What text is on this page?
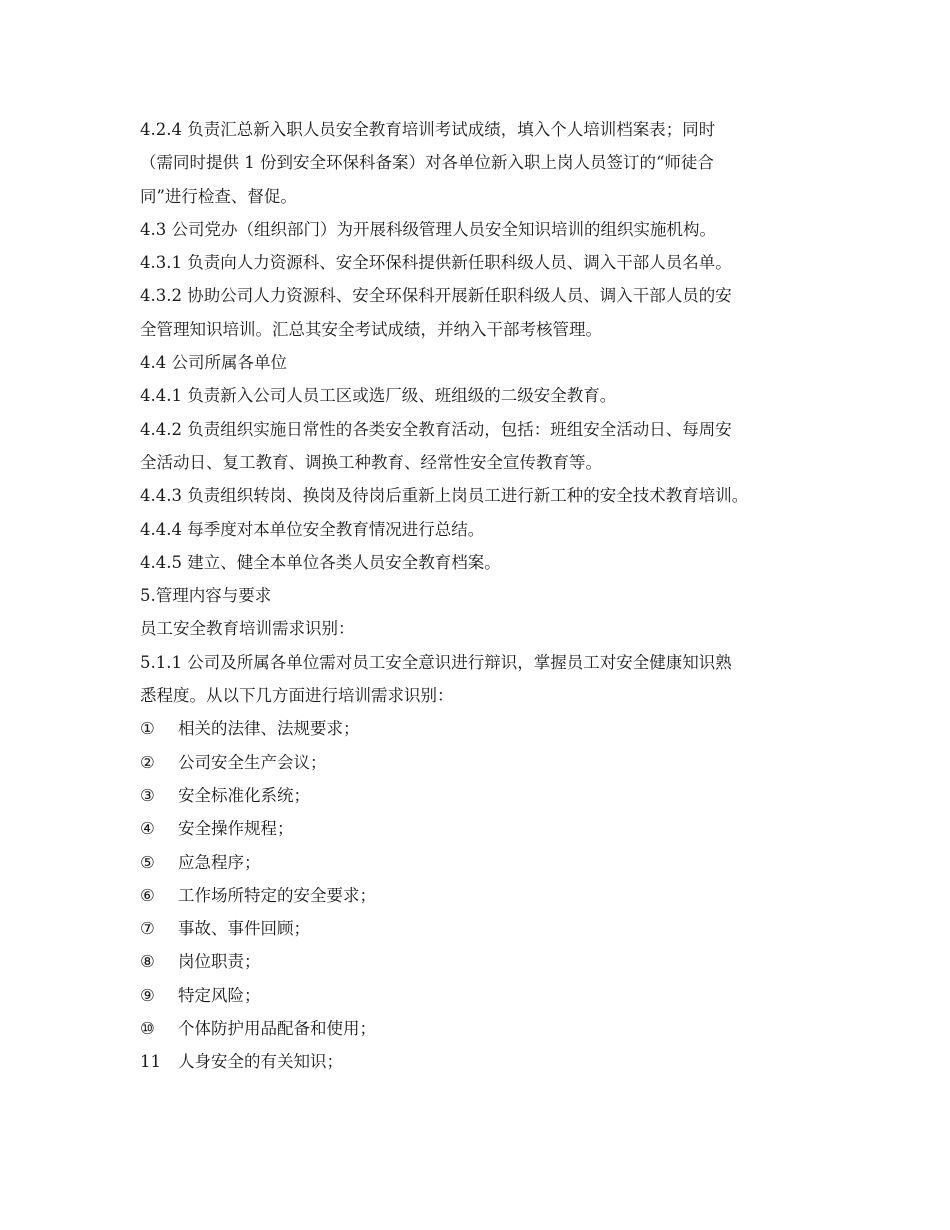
4.2.4 负责汇总新入职人员安全教育培训考试成绩，填入个人培训档案表；同时
（需同时提供 1 份到安全环保科备案）对各单位新入职上岗人员签订的“师徒合
同”进行检查、督促。
4.3 公司党办（组织部门）为开展科级管理人员安全知识培训的组织实施机构。
4.3.1 负责向人力资源科、安全环保科提供新任职科级人员、调入干部人员名单。
4.3.2 协助公司人力资源科、安全环保科开展新任职科级人员、调入干部人员的安
全管理知识培训。汇总其安全考试成绩，并纳入干部考核管理。
4.4 公司所属各单位
4.4.1 负责新入公司人员工区或选厂级、班组级的二级安全教育。
4.4.2 负责组织实施日常性的各类安全教育活动，包括：班组安全活动日、每周安
全活动日、复工教育、调换工种教育、经常性安全宣传教育等。
4.4.3 负责组织转岗、换岗及待岗后重新上岗员工进行新工种的安全技术教育培训。
4.4.4 每季度对本单位安全教育情况进行总结。
4.4.5 建立、健全本单位各类人员安全教育档案。
5.管理内容与要求
员工安全教育培训需求识别：
5.1.1 公司及所属各单位需对员工安全意识进行辩识，掌握员工对安全健康知识熟
悉程度。从以下几方面进行培训需求识别：
①	相关的法律、法规要求；
②	公司安全生产会议；
③	安全标准化系统；
④	安全操作规程；
⑤	应急程序；
⑥	工作场所特定的安全要求；
⑦	事故、事件回顾；
⑧	岗位职责；
⑨	特定风险；
⑩	个体防护用品配备和使用；
11	人身安全的有关知识；
